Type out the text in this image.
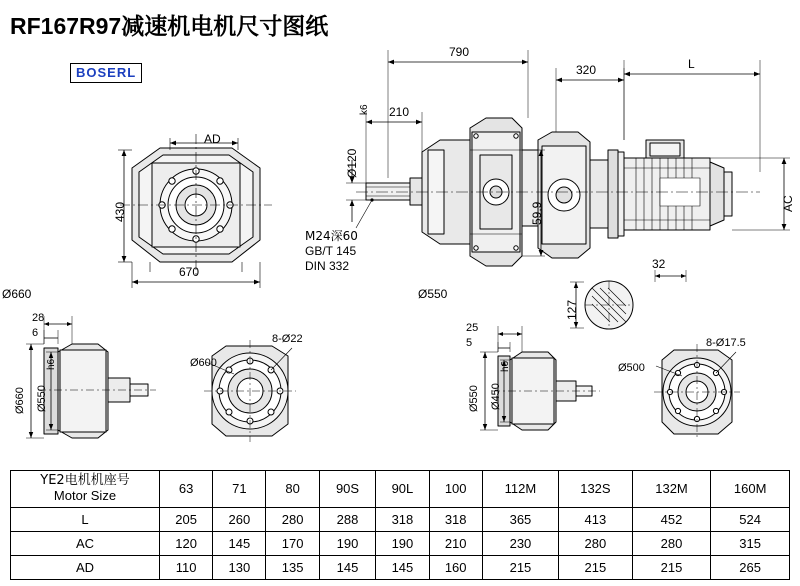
RF167R97减速机电机尺寸图纸
BOSERL
790
320	L
210
Ø120
k6
59,9	AC
430
670
AD
M24深60
GB/T 145
DIN 332	32
127
Ø660	Ø550
28
6
Ø660 Ø550
h6	Ø600
8-Ø22
25
5
Ø550 Ø450
h6	Ø500
8-Ø17.5
YE2电机机座号
Motor Size	63	71	80	90S	90L	100	112M	132S	132M	160M
L	205	260	280	288	318	318	365	413	452	524
AC	120	145	170	190	190	210	230	280	280	315
AD	110	130	135	145	145	160	215	215	215	265
